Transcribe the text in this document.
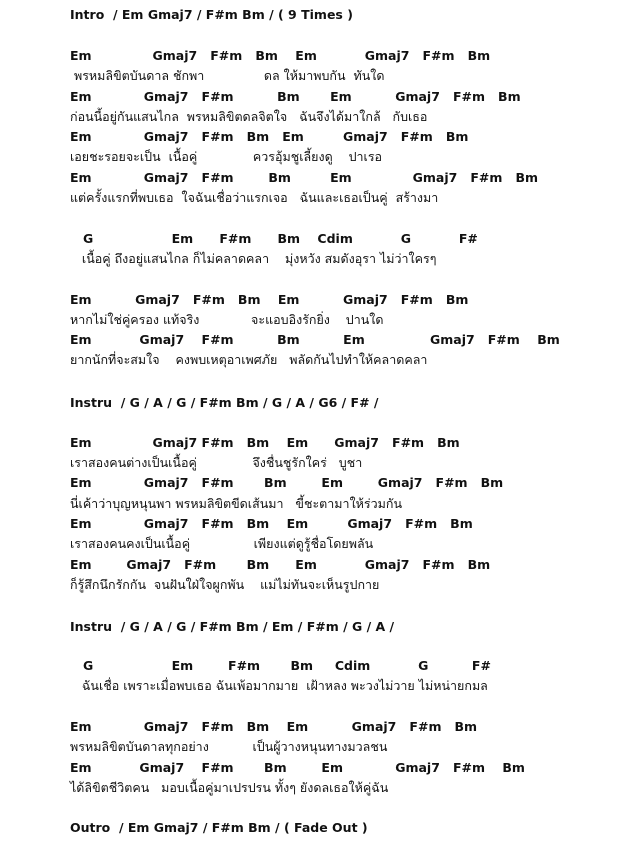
Intro  / Em Gmaj7 / F#m Bm / ( 9 Times )
Em              Gmaj7   F#m   Bm    Em           Gmaj7   F#m   Bm
พรหมลิขิตบันดาล ชักพา               ดล ให้มาพบกัน  ทันใด
Em            Gmaj7   F#m          Bm       Em          Gmaj7   F#m   Bm
ก่อนนี้อยู่กันแสนไกล  พรหมลิขิตดลจิตใจ   ฉันจึงได้มาใกล้   กับเธอ
Em            Gmaj7   F#m   Bm   Em         Gmaj7   F#m   Bm
เอยชะรอยจะเป็น  เนื้อคู่              ควรอุ้มชูเลี้ยงดู    ปาเรอ
Em            Gmaj7   F#m        Bm         Em              Gmaj7   F#m   Bm
แต่ครั้งแรกที่พบเธอ  ใจฉันเชื่อว่าแรกเจอ   ฉันและเธอเป็นคู่  สร้างมา
G                  Em      F#m      Bm    Cdim           G           F#
เนื้อคู่ ถึงอยู่แสนไกล ก็ไม่คลาดคลา    มุ่งหวัง สมดังอุรา ไม่ว่าใครๆ
Em          Gmaj7   F#m   Bm    Em          Gmaj7   F#m   Bm
หากไม่ใช่คู่ครอง แท้จริง             จะแอบอิงรักยิ่ง    ปานใด
Em           Gmaj7    F#m          Bm          Em               Gmaj7   F#m    Bm
ยากนักที่จะสมใจ    คงพบเหตุอาเพศภัย   พลัดกันไปทำให้คลาดคลา
Instru  / G / A / G / F#m Bm / G / A / G6 / F# /
Em              Gmaj7 F#m   Bm    Em      Gmaj7   F#m   Bm
เราสองคนต่างเป็นเนื้อคู่              จึงชื่นชูรักใคร่   บูชา
Em            Gmaj7   F#m       Bm        Em        Gmaj7   F#m   Bm
นี่เค้าว่าบุญหนุนพา พรหมลิขิตขีดเส้นมา   ขี้ชะตามาให้ร่วมกัน
Em            Gmaj7   F#m   Bm    Em         Gmaj7   F#m   Bm
เราสองคนคงเป็นเนื้อคู่                เพียงแต่ดูรู้ชื่อโดยพลัน
Em        Gmaj7   F#m       Bm      Em           Gmaj7   F#m   Bm
ก็รู้สึกนึกรักกัน  จนฝันใฝ่ใจผูกพัน    แม่ไม่ทันจะเห็นรูปกาย
Instru  / G / A / G / F#m Bm / Em / F#m / G / A /
G                  Em        F#m       Bm     Cdim           G          F#
ฉันเชื่อ เพราะเมื่อพบเธอ ฉันเพ้อมากมาย  เฝ้าหลง พะวงไม่วาย ไม่หน่ายกมล
Em            Gmaj7   F#m   Bm    Em          Gmaj7   F#m   Bm
พรหมลิขิตบันดาลทุกอย่าง           เป็นผู้วางหนุนทางมวลชน
Em           Gmaj7    F#m       Bm        Em            Gmaj7   F#m    Bm
ได้ลิขิตชีวิตคน   มอบเนื้อคู่มาเปรปรน ทั้งๆ ยังดลเธอให้คู่ฉัน
Outro  / Em Gmaj7 / F#m Bm / ( Fade Out )
